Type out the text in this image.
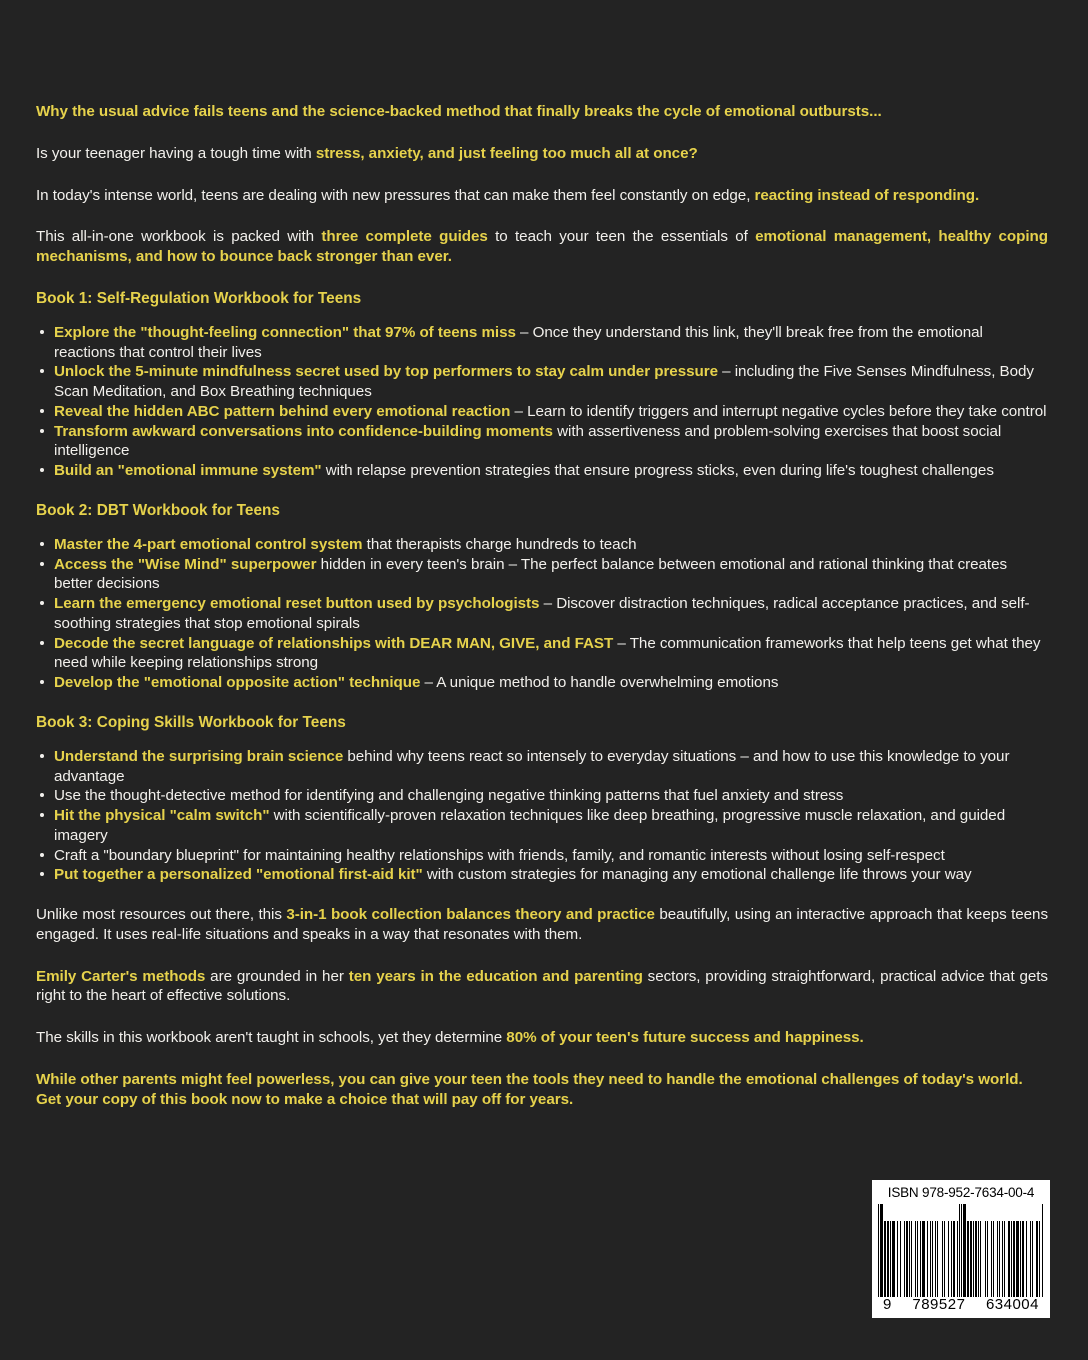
Why the usual advice fails teens and the science-backed method that finally breaks the cycle of emotional outbursts...

Is your teenager having a tough time with stress, anxiety, and just feeling too much all at once?

In today's intense world, teens are dealing with new pressures that can make them feel constantly on edge, reacting instead of responding.

This all-in-one workbook is packed with three complete guides to teach your teen the essentials of emotional management, healthy coping mechanisms, and how to bounce back stronger than ever.

Book 1: Self-Regulation Workbook for Teens
Explore the "thought-feeling connection" that 97% of teens miss – Once they understand this link, they'll break free from the emotional reactions that control their lives
Unlock the 5-minute mindfulness secret used by top performers to stay calm under pressure – including the Five Senses Mindfulness, Body Scan Meditation, and Box Breathing techniques
Reveal the hidden ABC pattern behind every emotional reaction – Learn to identify triggers and interrupt negative cycles before they take control
Transform awkward conversations into confidence-building moments with assertiveness and problem-solving exercises that boost social intelligence
Build an "emotional immune system" with relapse prevention strategies that ensure progress sticks, even during life's toughest challenges
Book 2: DBT Workbook for Teens
Master the 4-part emotional control system that therapists charge hundreds to teach
Access the "Wise Mind" superpower hidden in every teen's brain – The perfect balance between emotional and rational thinking that creates better decisions
Learn the emergency emotional reset button used by psychologists – Discover distraction techniques, radical acceptance practices, and self-soothing strategies that stop emotional spirals
Decode the secret language of relationships with DEAR MAN, GIVE, and FAST – The communication frameworks that help teens get what they need while keeping relationships strong
Develop the "emotional opposite action" technique – A unique method to handle overwhelming emotions
Book 3: Coping Skills Workbook for Teens
Understand the surprising brain science behind why teens react so intensely to everyday situations – and how to use this knowledge to your advantage
Use the thought-detective method for identifying and challenging negative thinking patterns that fuel anxiety and stress
Hit the physical "calm switch" with scientifically-proven relaxation techniques like deep breathing, progressive muscle relaxation, and guided imagery
Craft a "boundary blueprint" for maintaining healthy relationships with friends, family, and romantic interests without losing self-respect
Put together a personalized "emotional first-aid kit" with custom strategies for managing any emotional challenge life throws your way

Unlike most resources out there, this 3-in-1 book collection balances theory and practice beautifully, using an interactive approach that keeps teens engaged. It uses real-life situations and speaks in a way that resonates with them.

Emily Carter's methods are grounded in her ten years in the education and parenting sectors, providing straightforward, practical advice that gets right to the heart of effective solutions.

The skills in this workbook aren't taught in schools, yet they determine 80% of your teen's future success and happiness.

While other parents might feel powerless, you can give your teen the tools they need to handle the emotional challenges of today's world. Get your copy of this book now to make a choice that will pay off for years.

ISBN 978-952-7634-00-4
9 789527 634004
